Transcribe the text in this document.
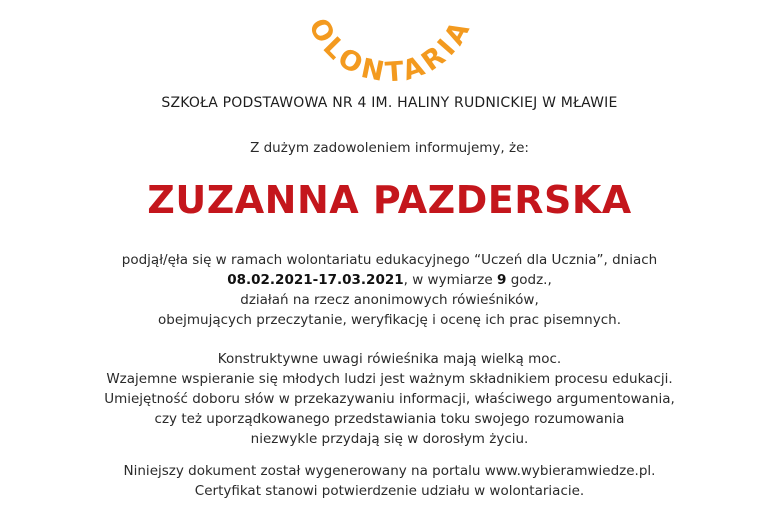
OLONTARIA
SZKOŁA PODSTAWOWA NR 4 IM. HALINY RUDNICKIEJ W MŁAWIE
Z dużym zadowoleniem informujemy, że:
ZUZANNA PAZDERSKA
podjął/ęła się w ramach wolontariatu edukacyjnego “Uczeń dla Ucznia”, dniach
08.02.2021-17.03.2021, w wymiarze 9 godz.,
działań na rzecz anonimowych rówieśników,
obejmujących przeczytanie, weryfikację i ocenę ich prac pisemnych.
Konstruktywne uwagi rówieśnika mają wielką moc.
Wzajemne wspieranie się młodych ludzi jest ważnym składnikiem procesu edukacji.
Umiejętność doboru słów w przekazywaniu informacji, właściwego argumentowania,
czy też uporządkowanego przedstawiania toku swojego rozumowania
niezwykle przydają się w dorosłym życiu.
Niniejszy dokument został wygenerowany na portalu www.wybieramwiedze.pl.
Certyfikat stanowi potwierdzenie udziału w wolontariacie.
